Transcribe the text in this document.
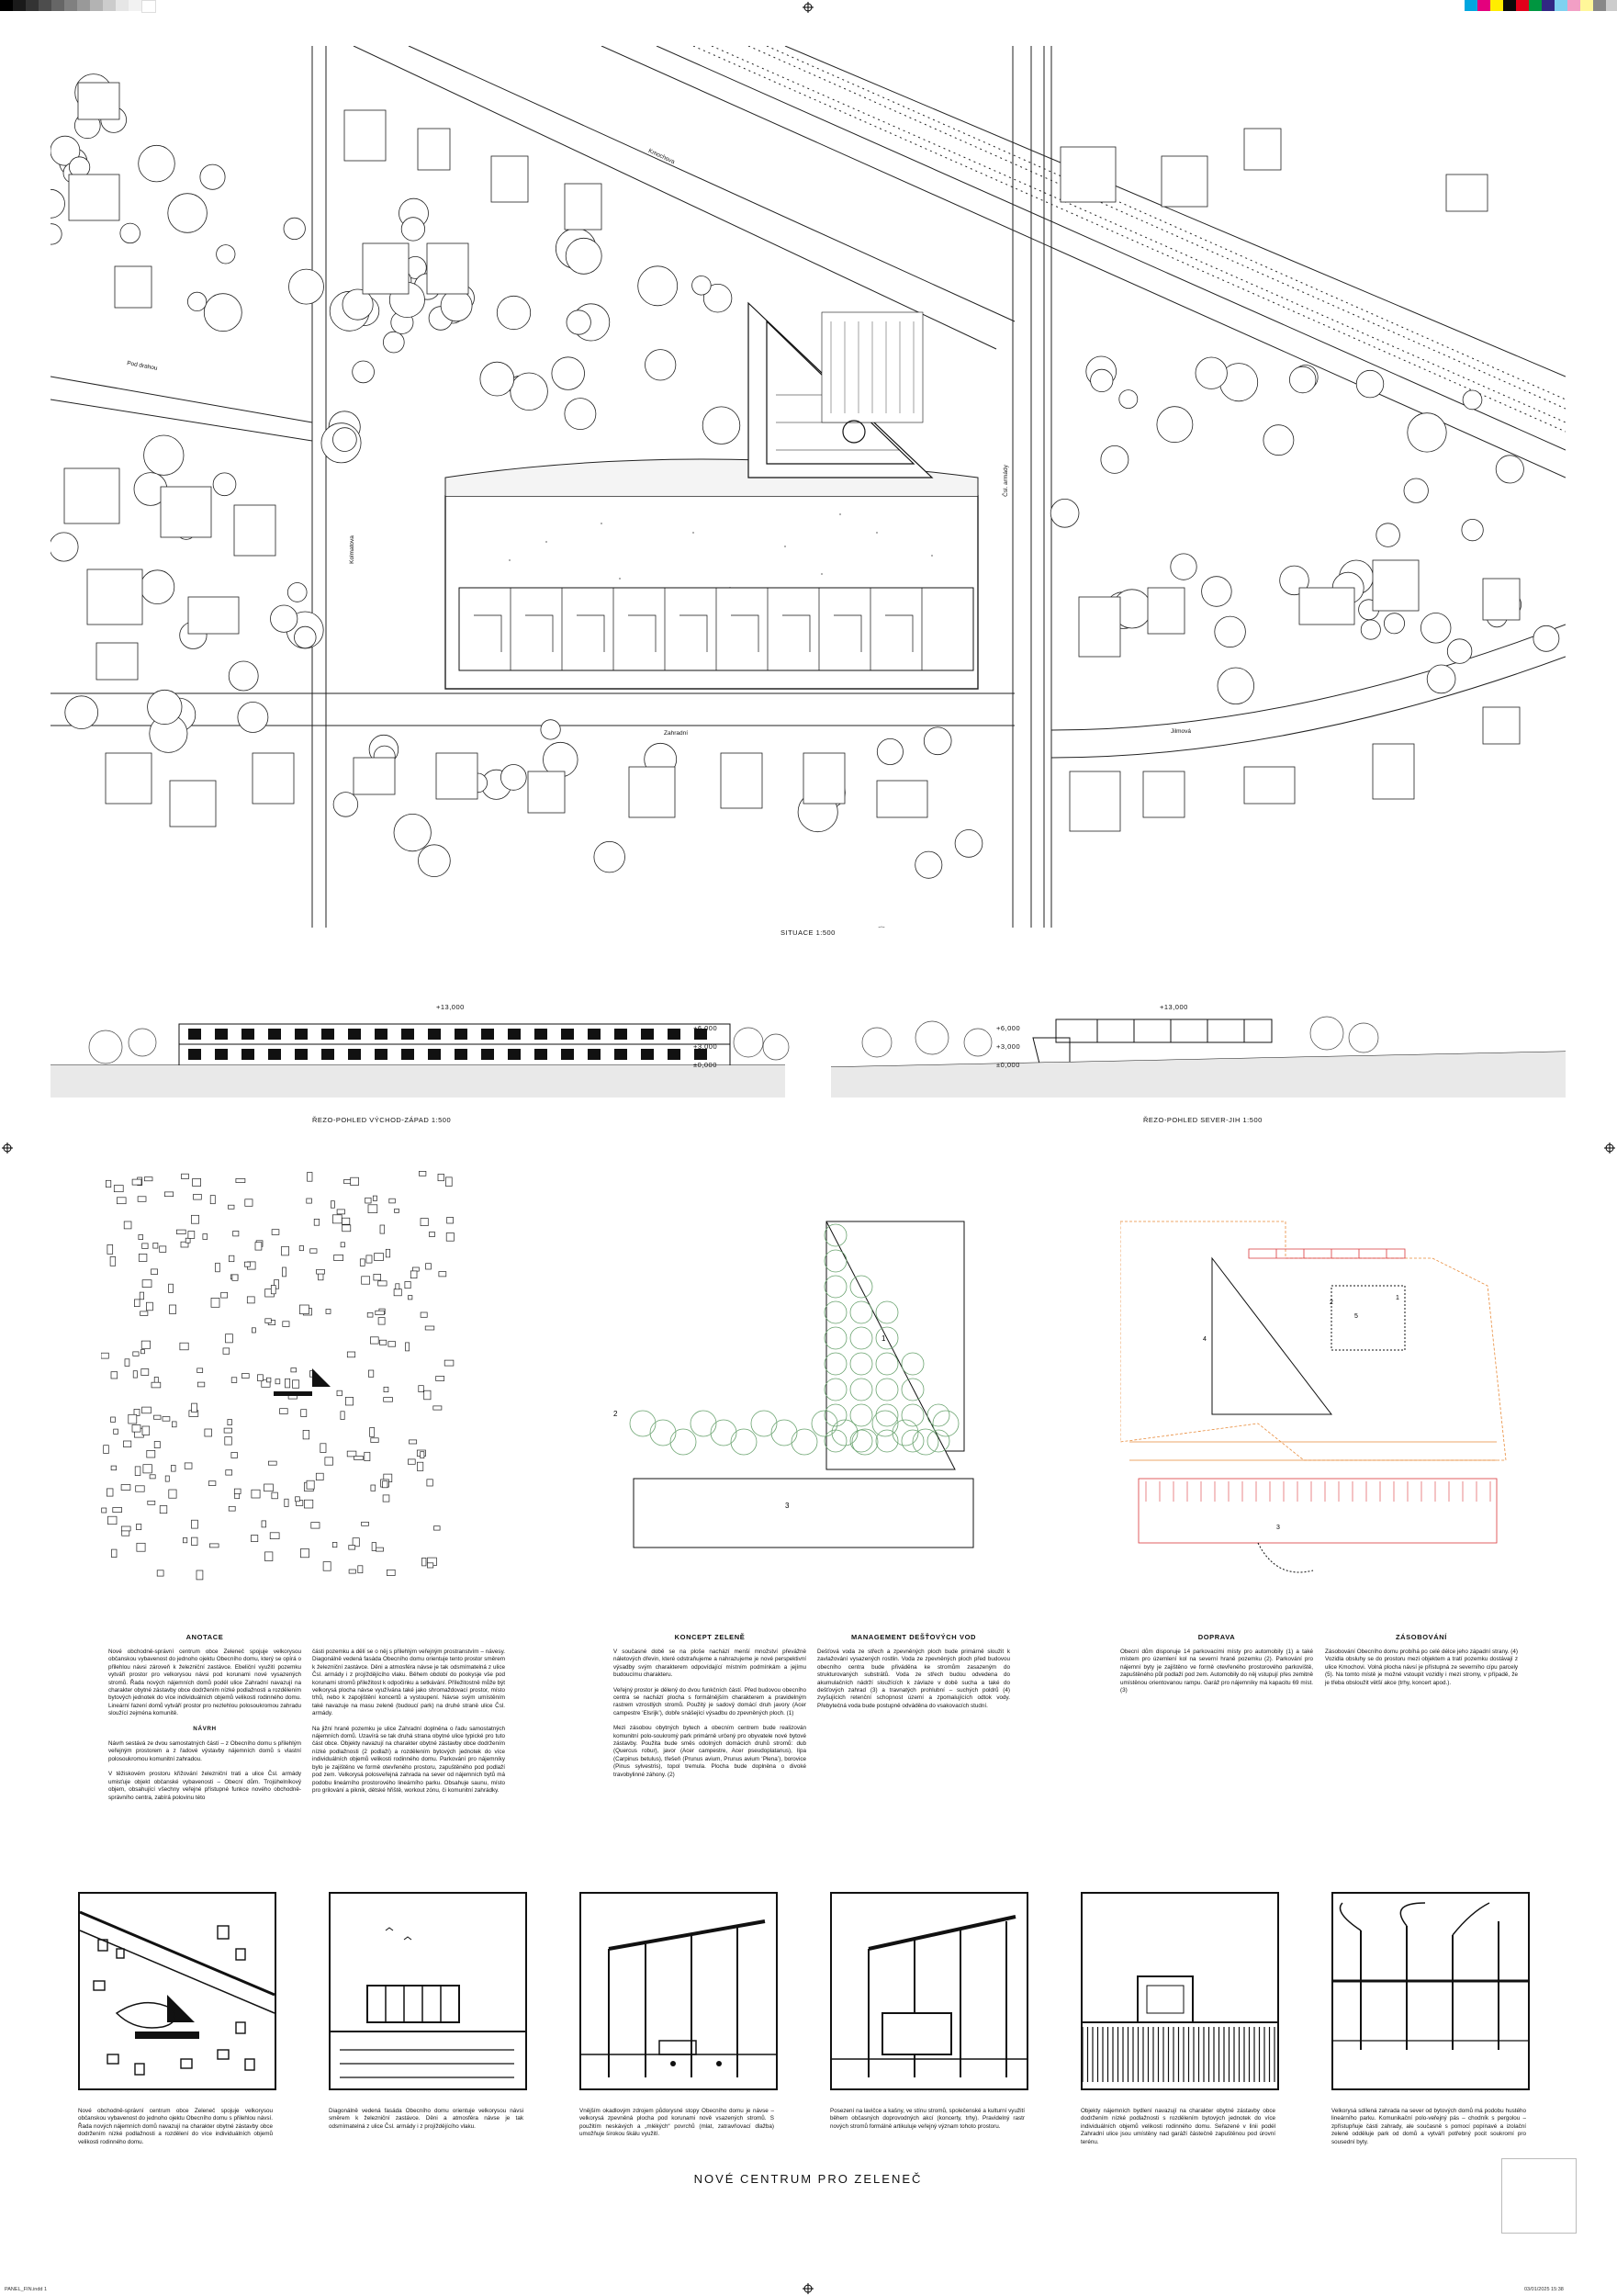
SITUACE 1:500
Kmochova
Pod drahou
Kolmatova
Zahradní	Jilmová
Čsl. armády
ŘEZO-POHLED VÝCHOD-ZÁPAD 1:500	ŘEZO-POHLED SEVER-JIH 1:500
+13,000
+6,000
+3,000
±0,000
+13,000
+6,000
+3,000
±0,000
2
3
1
1
2
3
4
5
ANOTACE

Nové obchodně-správní centrum obce Zeleneč spojuje velkorysou občanskou vybavenost do jednoho ojektu Obecního domu, který se opírá o přilehlou návsi zároveň k železniční zastávce. Ebeliční využití pozemku vytváří prostor pro velkorysou návsi pod korunami nové vysazených stromů. Řada nových nájemních domů podél ulice Zahradní navazují na charakter obytné zástavby obce dodržením nízké podlažnosti a rozdělením bytových jednotek do více individuálních objemů velikosti rodinného domu. Lineární řazení domů vytváří prostor pro nezlehlou polosoukromou zahradu sloužící zejména komunitě.

NÁVRH

Návrh sestává ze dvou samostatných částí – z Obecního domu s přilehlým veřejným prostorem a z řadové výstavby nájemních domů s vlastní polosoukromou komunitní zahradou.

V těžiskovém prostoru křižování železniční trati a ulice Čsl. armády umisťuje objekt občanské vybavenosti – Obecní dům. Trojúhelníkový objem, obsahující všechny veřejné přístupné funkce nového obchodně-správního centra, zabírá polovinu této

části pozemku a dělí se o něj s přilehlým veřejným prostranstvím – návesy. Diagonálně vedená fasáda Obecního domu orientuje tento prostor směrem k železniční zastávce. Děni a atmosféra návse je tak odsmímatelná z ulice Čsl. armády i z projíždějícího vlaku. Během období do pookysje vše pod korunami stromů přiležitost k odpočinku a setkávání. Příležitostně může být velkorysá plocha návse využívána také jako shromaždovací prostor, místo trhů, nebo k zapojištění koncertů a vystoupení. Návse svým umístěním také navazuje na masu zeleně (budoucí park) na druhé straně ulice Čsl. armády.

Na jižní hraně pozemku je ulice Zahradní doplněna o řadu samostatných nájemních domů. Uzavírá se tak druhá strana obytné ulice typické pro tuto část obce. Objekty navazují na charakter obytné zástavby obce dodržením nízké podlažnosti (2 podlaží) a rozdělením bytových jednotek do více individuálních objemů velikosti rodinného domu. Parkování pro nájemníky bylo je zajištěno ve formě otevřeného prostoru, zapuštěného pod podlaží pod zem. Velkorysá polosveřejná zahrada na sever od nájemních bytů má podobu lineárního prostorového lineárního parku. Obsahuje saunu, místo pro grilování a piknik, dětské hřiště, workout zónu, či komunitní zahrádky.

KONCEPT ZELENĚ

V současné době se na ploše nachází menší množství převážně náletových dřevin, které odstraňujeme a nahrazujeme je nové perspektivní výsadby svým charakterem odpovídající místním podmínkám a jejímu budoucímu charakteru.

Veřejný prostor je dělený do dvou funkčních částí. Před budovou obecního centra se nachází plocha s formálnějším charakterem a pravidelným rastrem vzrostlých stromů. Použitý je sadový domácí druh javory (Acer campestre ‘Elsrijk’), dobře snášející výsadbu do zpevněných ploch. (1)

Mezi zásobou obytných bytech a obecním centrem bude realizován komunitní polo-soukromý park primárně určený pro obyvatele nové bytové zástavby. Použita bude směs odolných domácích druhů stromů: dub (Quercus robur), javor (Acer campestre, Acer pseudoplatanus), lípa (Carpinus betulus), třešeň (Prunus avium, Prunus avium ‘Plena’), borovice (Pinus sylvestris), topol tremula. Plocha bude doplněna o divoké travobylinné záhony. (2)

MANAGEMENT DEŠŤOVÝCH VOD

Dešťová voda ze střech a zpevněných ploch bude primárně sloužit k zavlažování vysazených rostlin. Voda ze zpevněných ploch před budovou obecního centra bude přiváděna ke stromům zasazeným do strukturovaných substrátů. Voda ze střech budou odvedena do akumulačních nádrží sloužících k závlaze v době sucha a také do dešťových zahrad (3) a travnatých prohlubní – suchých poldrů (4) zvyšujících retenční schopnost území a zpomalujících odtok vody. Přebytečná voda bude postupně odváděna do vsakovacích studní.

DOPRAVA

Obecní dům disponuje 14 parkovacími místy pro automobily (1) a také místem pro územlení kol na severní hraně pozemku (2). Parkování pro nájemní byty je zajištěno ve formě otevřeného prostorového parkoviště, zapuštěného půl podlaží pod zem. Automobily do něj vstupují přes zemitně umístěnou orientovanou rampu. Garáž pro nájemníky má kapacitu 69 míst. (3)

ZÁSOBOVÁNÍ

Zásobování Obecního domu probíhá po celé délce jeho západní strany. (4) Vozidla obsluhy se do prostoru mezi objektem a tratí pozemku dostávají z ulice Kmochovi. Volná plocha návsí je přístupná ze severního cípu parcely (5). Na tomto místě je možné vstoupit vozidly i mezi stromy, v případě, že je třeba obsloužit větší akce (trhy, koncert apod.).

Nové obchodně-správní centrum obce Zeleneč spojuje velkorysou občanskou vybavenost do jednoho ojektu Obecního domu s přilehlou návsí. Řada nových nájemních domů navazují na charakter obytné zástavby obce dodržením nízké podlažnosti a rozdělení do více individuálních objemů velikosti rodinného domu.
Diagonálně vedená fasáda Obecního domu orientuje velkorysou návsi směrem k železniční zastávce. Děni a atmosféra návse je tak odsmímatelná z ulice Čsl. armády i z projíždějícího vlaku.
Vnějším okadlovým zdrojem půdorysné stopy Obecního domu je návse – velkorysá zpevněná plocha pod korunami nově vsazených stromů. S použitím neskávých a „mlékých“ povrchů (mlat, zatravňovací dlažba) umožňuje širokou škálu využití.
Posezení na lavičce a kašny, ve stínu stromů, společenské a kulturní využití během občasných doprovodných akcí (koncerty, trhy). Pravidelný rastr nových stromů formálně artikuluje veřejný význam tohoto prostoru.
Objekty nájemních bydlení navazují na charakter obytné zástavby obce dodržením nízké podlažnosti s rozdělením bytových jednotek do více individuálních objemů velikosti rodinného domu. Seřazené v linii podél Zahradní ulice jsou umístěny nad garáží částečně zapuštěnou pod úrovní terénu.
Velkorysá sdílená zahrada na sever od bytových domů má podobu hustého lineárního parku. Komunikační polo-veřejný pás – chodník s pergolou – zpřístupňuje části zahrady, ale současně s pomocí popínavé a izolační zeleně odděluje park od domů a vytváří potřebný pocit soukromí pro sousední byty.
NOVÉ CENTRUM PRO ZELENEČ
PANEL_FIN.indd 1	03/01/2025 15:38
